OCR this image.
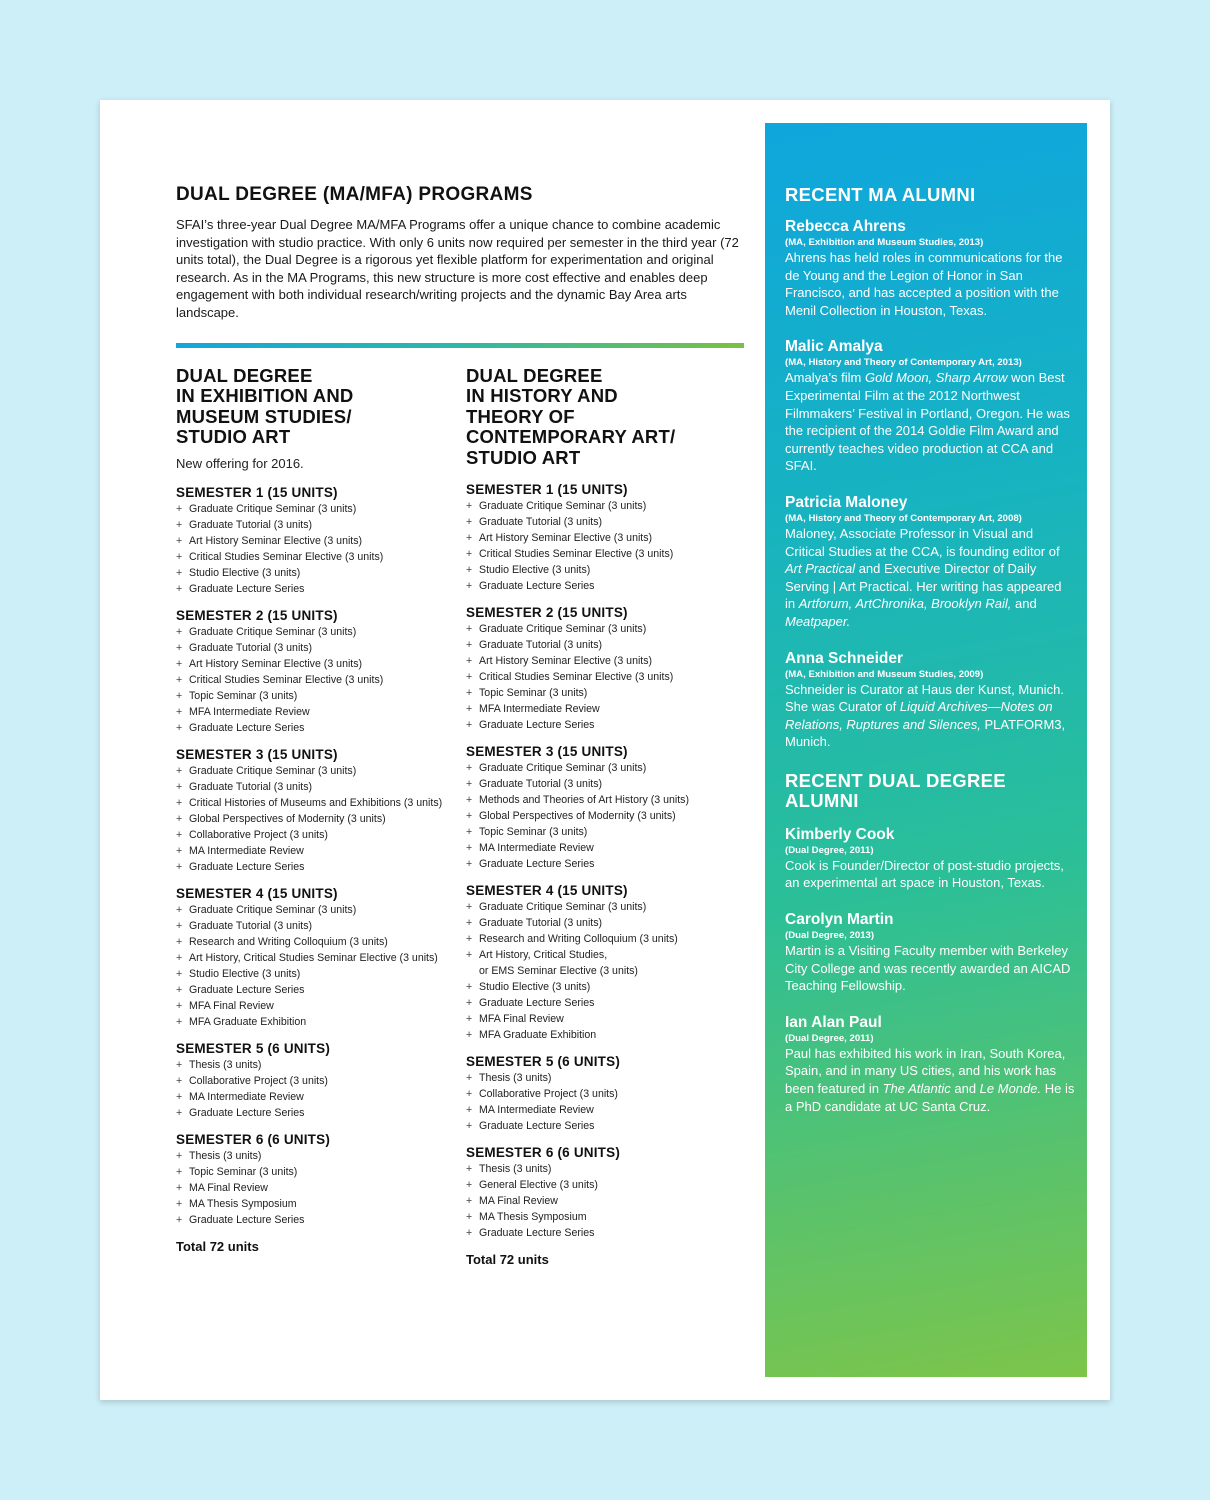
DUAL DEGREE (MA/MFA) PROGRAMS

SFAI’s three-year Dual Degree MA/MFA Programs offer a unique chance to combine academic investigation with studio practice. With only 6 units now required per semester in the third year (72 units total), the Dual Degree is a rigorous yet flexible platform for experimentation and original research. As in the MA Programs, this new structure is more cost effective and enables deep engagement with both individual research/writing projects and the dynamic Bay Area arts landscape.

DUAL DEGREE
IN EXHIBITION AND
MUSEUM STUDIES/
STUDIO ART
New offering for 2016.
SEMESTER 1 (15 UNITS)
+ Graduate Critique Seminar (3 units)
+ Graduate Tutorial (3 units)
+ Art History Seminar Elective (3 units)
+ Critical Studies Seminar Elective (3 units)
+ Studio Elective (3 units)
+ Graduate Lecture Series
SEMESTER 2 (15 UNITS)
+ Graduate Critique Seminar (3 units)
+ Graduate Tutorial (3 units)
+ Art History Seminar Elective (3 units)
+ Critical Studies Seminar Elective (3 units)
+ Topic Seminar (3 units)
+ MFA Intermediate Review
+ Graduate Lecture Series
SEMESTER 3 (15 UNITS)
+ Graduate Critique Seminar (3 units)
+ Graduate Tutorial (3 units)
+ Critical Histories of Museums and Exhibitions (3 units)
+ Global Perspectives of Modernity (3 units)
+ Collaborative Project (3 units)
+ MA Intermediate Review
+ Graduate Lecture Series
SEMESTER 4 (15 UNITS)
+ Graduate Critique Seminar (3 units)
+ Graduate Tutorial (3 units)
+ Research and Writing Colloquium (3 units)
+ Art History, Critical Studies Seminar Elective (3 units)
+ Studio Elective (3 units)
+ Graduate Lecture Series
+ MFA Final Review
+ MFA Graduate Exhibition
SEMESTER 5 (6 UNITS)
+ Thesis (3 units)
+ Collaborative Project (3 units)
+ MA Intermediate Review
+ Graduate Lecture Series
SEMESTER 6 (6 UNITS)
+ Thesis (3 units)
+ Topic Seminar (3 units)
+ MA Final Review
+ MA Thesis Symposium
+ Graduate Lecture Series
Total 72 units
DUAL DEGREE
IN HISTORY AND
THEORY OF
CONTEMPORARY ART/
STUDIO ART
SEMESTER 1 (15 UNITS)
+ Graduate Critique Seminar (3 units)
+ Graduate Tutorial (3 units)
+ Art History Seminar Elective (3 units)
+ Critical Studies Seminar Elective (3 units)
+ Studio Elective (3 units)
+ Graduate Lecture Series
SEMESTER 2 (15 UNITS)
+ Graduate Critique Seminar (3 units)
+ Graduate Tutorial (3 units)
+ Art History Seminar Elective (3 units)
+ Critical Studies Seminar Elective (3 units)
+ Topic Seminar (3 units)
+ MFA Intermediate Review
+ Graduate Lecture Series
SEMESTER 3 (15 UNITS)
+ Graduate Critique Seminar (3 units)
+ Graduate Tutorial (3 units)
+ Methods and Theories of Art History (3 units)
+ Global Perspectives of Modernity (3 units)
+ Topic Seminar (3 units)
+ MA Intermediate Review
+ Graduate Lecture Series
SEMESTER 4 (15 UNITS)
+ Graduate Critique Seminar (3 units)
+ Graduate Tutorial (3 units)
+ Research and Writing Colloquium (3 units)
+ Art History, Critical Studies,
or EMS Seminar Elective (3 units)
+ Studio Elective (3 units)
+ Graduate Lecture Series
+ MFA Final Review
+ MFA Graduate Exhibition
SEMESTER 5 (6 UNITS)
+ Thesis (3 units)
+ Collaborative Project (3 units)
+ MA Intermediate Review
+ Graduate Lecture Series
SEMESTER 6 (6 UNITS)
+ Thesis (3 units)
+ General Elective (3 units)
+ MA Final Review
+ MA Thesis Symposium
+ Graduate Lecture Series
Total 72 units
RECENT MA ALUMNI
Rebecca Ahrens
(MA, Exhibition and Museum Studies, 2013)
Ahrens has held roles in communications for the de Young and the Legion of Honor in San Francisco, and has accepted a position with the Menil Collection in Houston, Texas.
Malic Amalya
(MA, History and Theory of Contemporary Art, 2013)
Amalya’s film Gold Moon, Sharp Arrow won Best Experimental Film at the 2012 Northwest Filmmakers’ Festival in Portland, Oregon. He was the recipient of the 2014 Goldie Film Award and currently teaches video production at CCA and SFAI.
Patricia Maloney
(MA, History and Theory of Contemporary Art, 2008)
Maloney, Associate Professor in Visual and Critical Studies at the CCA, is founding editor of Art Practical and Executive Director of Daily Serving | Art Practical. Her writing has appeared in Artforum, ArtChronika, Brooklyn Rail, and Meatpaper.
Anna Schneider
(MA, Exhibition and Museum Studies, 2009)
Schneider is Curator at Haus der Kunst, Munich. She was Curator of Liquid Archives—Notes on Relations, Ruptures and Silences, PLATFORM3, Munich.
RECENT DUAL DEGREE ALUMNI
Kimberly Cook
(Dual Degree, 2011)
Cook is Founder/Director of post-studio projects, an experimental art space in Houston, Texas.
Carolyn Martin
(Dual Degree, 2013)
Martin is a Visiting Faculty member with Berkeley City College and was recently awarded an AICAD Teaching Fellowship.
Ian Alan Paul
(Dual Degree, 2011)
Paul has exhibited his work in Iran, South Korea, Spain, and in many US cities, and his work has been featured in The Atlantic and Le Monde. He is a PhD candidate at UC Santa Cruz.
